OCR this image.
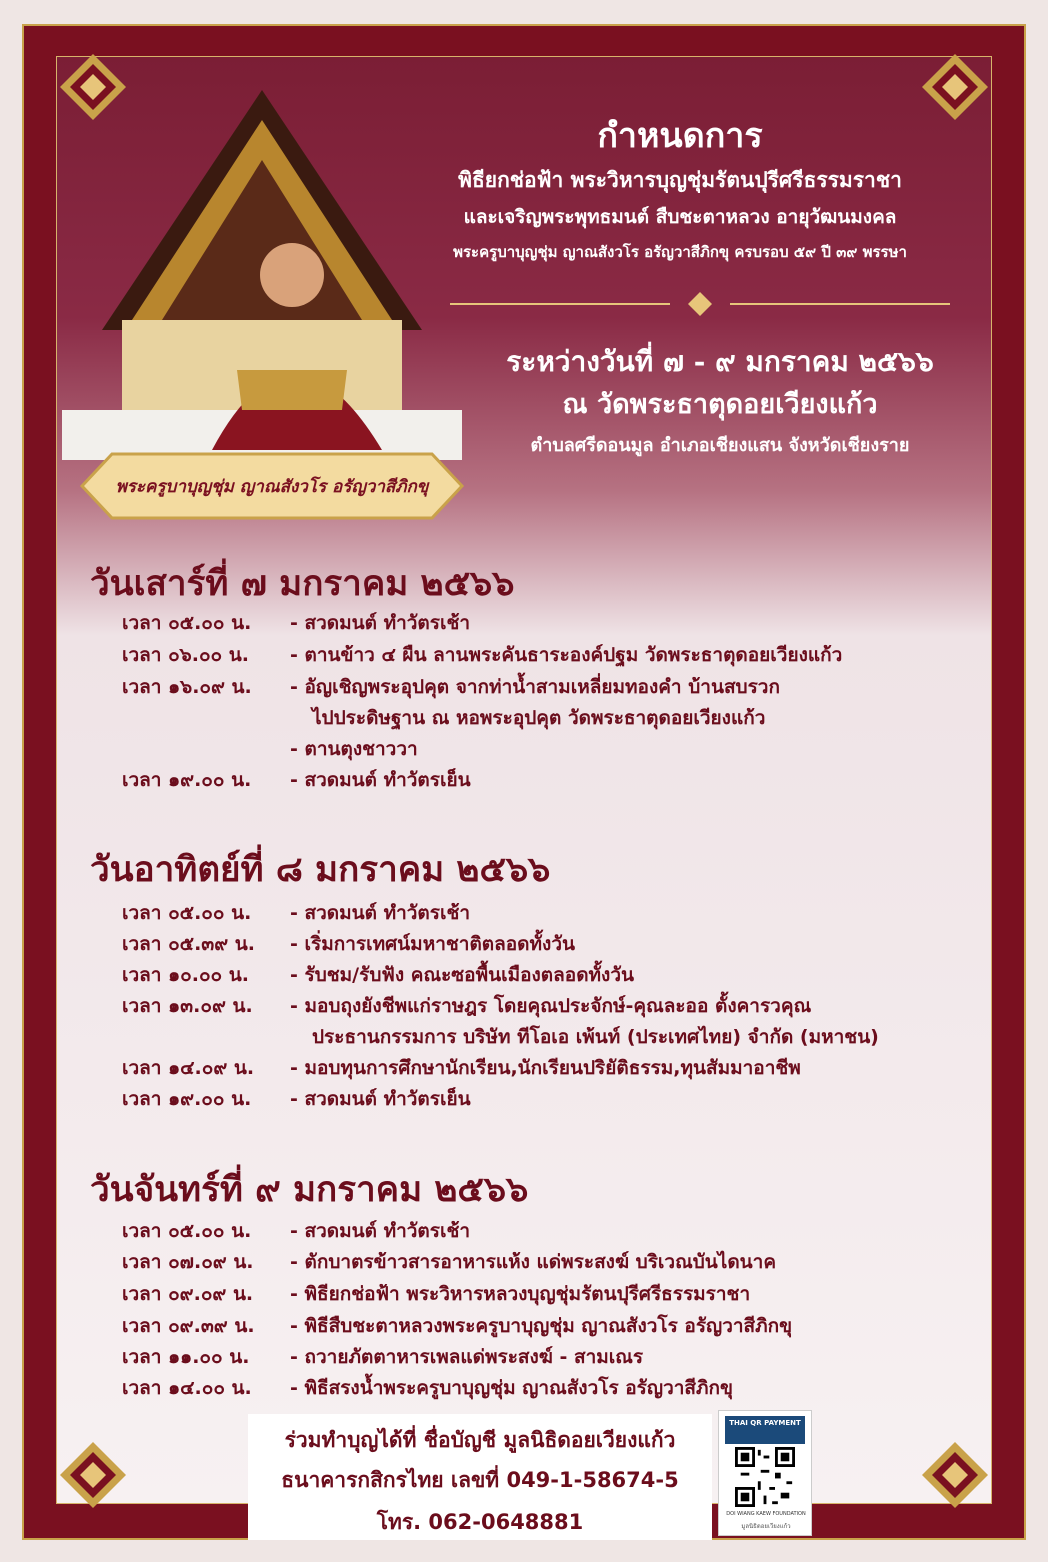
พระครูบาบุญชุ่ม ญาณสังวโร อรัญวาสีภิกขุ
กำหนดการ
พิธียกช่อฟ้า พระวิหารบุญชุ่มรัตนปุรีศรีธรรมราชา
และเจริญพระพุทธมนต์ สืบชะตาหลวง อายุวัฒนมงคล
พระครูบาบุญชุ่ม ญาณสังวโร อรัญวาสีภิกขุ ครบรอบ ๕๙ ปี ๓๙ พรรษา
ระหว่างวันที่ ๗ - ๙ มกราคม ๒๕๖๖
ณ วัดพระธาตุดอยเวียงแก้ว
ตำบลศรีดอนมูล อำเภอเชียงแสน จังหวัดเชียงราย
วันเสาร์ที่ ๗ มกราคม ๒๕๖๖
เวลา ๐๕.๐๐ น. - สวดมนต์ ทำวัตรเช้า
เวลา ๐๖.๐๐ น. - ตานข้าว ๔ ผืน ลานพระคันธาระองค์ปฐม วัดพระธาตุดอยเวียงแก้ว
เวลา ๑๖.๐๙ น. - อัญเชิญพระอุปคุต จากท่าน้ำสามเหลี่ยมทองคำ บ้านสบรวก
ไปประดิษฐาน ณ หอพระอุปคุต วัดพระธาตุดอยเวียงแก้ว
- ตานตุงชาววา
เวลา ๑๙.๐๐ น. - สวดมนต์ ทำวัตรเย็น
วันอาทิตย์ที่ ๘ มกราคม ๒๕๖๖
เวลา ๐๕.๐๐ น. - สวดมนต์ ทำวัตรเช้า
เวลา ๐๕.๓๙ น. - เริ่มการเทศน์มหาชาติตลอดทั้งวัน
เวลา ๑๐.๐๐ น. - รับชม/รับฟัง คณะซอพื้นเมืองตลอดทั้งวัน
เวลา ๑๓.๐๙ น. - มอบถุงยังชีพแก่ราษฎร โดยคุณประจักษ์-คุณละออ ตั้งคารวคุณ
ประธานกรรมการ บริษัท ทีโอเอ เพ้นท์ (ประเทศไทย) จำกัด (มหาชน)
เวลา ๑๔.๐๙ น. - มอบทุนการศึกษานักเรียน,นักเรียนปริยัติธรรม,ทุนสัมมาอาชีพ
เวลา ๑๙.๐๐ น. - สวดมนต์ ทำวัตรเย็น
วันจันทร์ที่ ๙ มกราคม ๒๕๖๖
เวลา ๐๕.๐๐ น. - สวดมนต์ ทำวัตรเช้า
เวลา ๐๗.๐๙ น. - ตักบาตรข้าวสารอาหารแห้ง แด่พระสงฆ์ บริเวณบันไดนาค
เวลา ๐๙.๐๙ น. - พิธียกช่อฟ้า พระวิหารหลวงบุญชุ่มรัตนปุรีศรีธรรมราชา
เวลา ๐๙.๓๙ น. - พิธีสืบชะตาหลวงพระครูบาบุญชุ่ม ญาณสังวโร อรัญวาสีภิกขุ
เวลา ๑๑.๐๐ น. - ถวายภัตตาหารเพลแด่พระสงฆ์ - สามเณร
เวลา ๑๔.๐๐ น. - พิธีสรงน้ำพระครูบาบุญชุ่ม ญาณสังวโร อรัญวาสีภิกขุ
ร่วมทำบุญได้ที่ ชื่อบัญชี มูลนิธิดอยเวียงแก้ว
ธนาคารกสิกรไทย เลขที่ 049-1-58674-5
โทร. 062-0648881
THAI QR PAYMENT
DOI WIANG KAEW FOUNDATION
มูลนิธิดอยเวียงแก้ว
